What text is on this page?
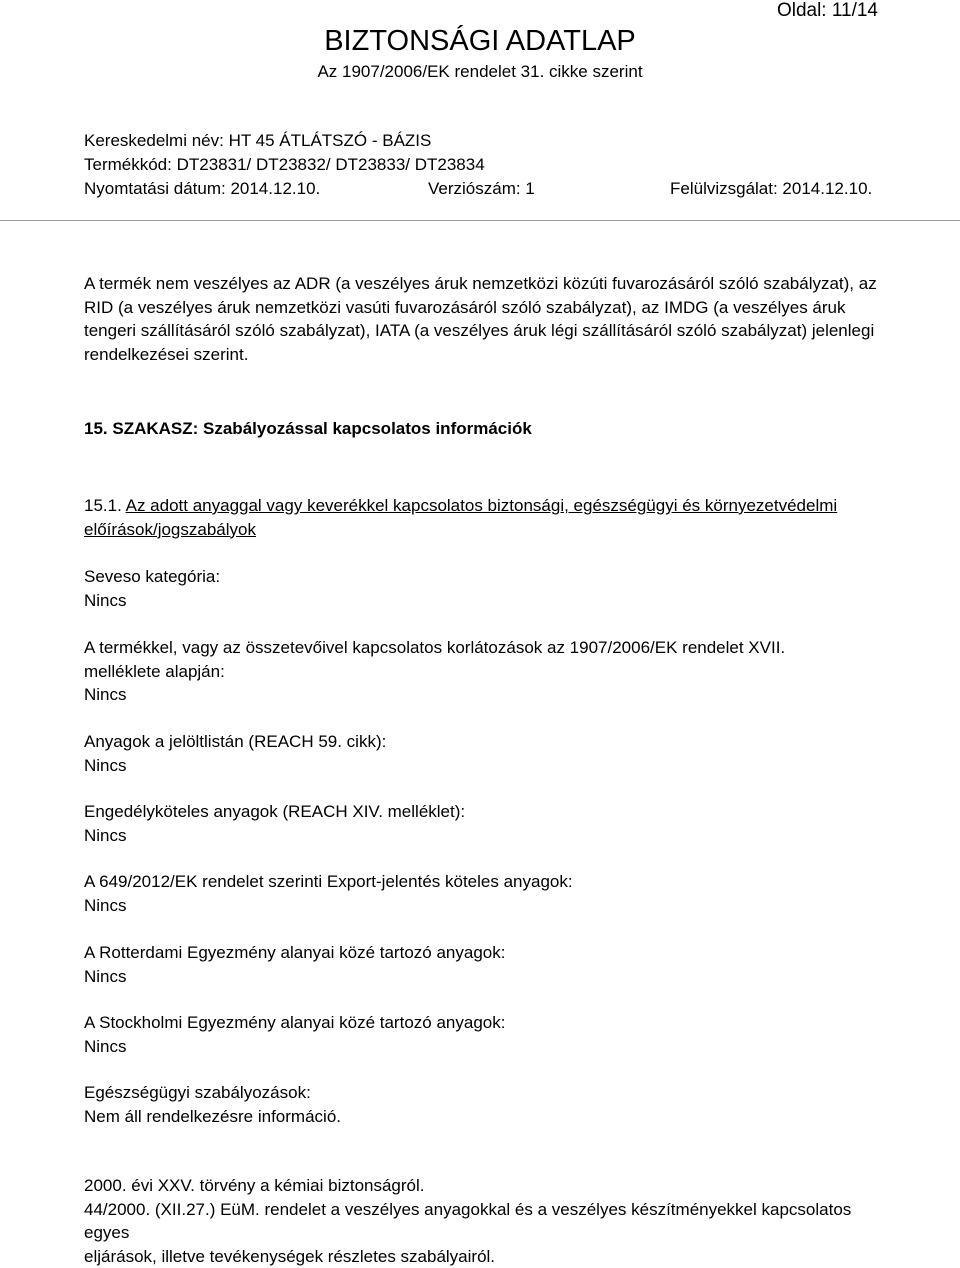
Oldal: 11/14
BIZTONSÁGI ADATLAP
Az 1907/2006/EK rendelet 31. cikke szerint
Kereskedelmi név: HT 45 ÁTLÁTSZÓ - BÁZIS
Termékkód: DT23831/ DT23832/ DT23833/ DT23834
Nyomtatási dátum: 2014.12.10.	Verziószám: 1	Felülvizsgálat: 2014.12.10.
A termék nem veszélyes az ADR (a veszélyes áruk nemzetközi közúti fuvarozásáról szóló szabályzat), az RID (a veszélyes áruk nemzetközi vasúti fuvarozásáról szóló szabályzat), az IMDG (a veszélyes áruk tengeri szállításáról szóló szabályzat), IATA (a veszélyes áruk légi szállításáról szóló szabályzat) jelenlegi rendelkezései szerint.
15. SZAKASZ: Szabályozással kapcsolatos információk
15.1. Az adott anyaggal vagy keverékkel kapcsolatos biztonsági, egészségügyi és környezetvédelmi előírások/jogszabályok
Seveso kategória:
Nincs
A termékkel, vagy az összetevőivel kapcsolatos korlátozások az 1907/2006/EK rendelet XVII. melléklete alapján:
Nincs
Anyagok a jelöltlistán (REACH 59. cikk):
Nincs
Engedélyköteles anyagok (REACH XIV. melléklet):
Nincs
A 649/2012/EK rendelet szerinti Export-jelentés köteles anyagok:
Nincs
A Rotterdami Egyezmény alanyai közé tartozó anyagok:
Nincs
A Stockholmi Egyezmény alanyai közé tartozó anyagok:
Nincs
Egészségügyi szabályozások:
Nem áll rendelkezésre információ.
2000. évi XXV. törvény a kémiai biztonságról.
44/2000. (XII.27.) EüM. rendelet a veszélyes anyagokkal és a veszélyes készítményekkel kapcsolatos egyes
eljárások, illetve tevékenységek részletes szabályairól.
